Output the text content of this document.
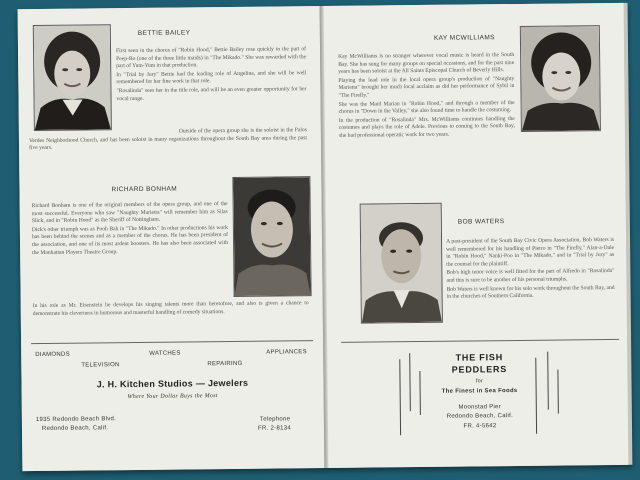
BETTIE BAILEY

First seen in the chorus of "Robin Hood," Bettie Bailey rose quickly to the part of Peep-Bo (one of the three little maids) in "The Mikado." She was rewarded with the part of Yum-Yum in that production.

In "Trial by Jury" Bettie had the leading role of Angelina, and she will be well remembered for her fine work in that role.

"Rosalinda" sees her in the title role, and will be an even greater opportunity for her vocal range.

Outside of the opera group she is the soloist in the Palos Verdes Neighborhood Church, and has been soloist in many organizations throughout the South Bay area during the past five years.

RICHARD BONHAM

Richard Bonham is one of the original members of the opera group, and one of the most successful. Everyone who saw "Naughty Marietta" will remember him as Silas Slick, and in "Robin Hood" as the Sheriff of Nottingham.

Dick's other triumph was as Pooh Bah in "The Mikado." In other productions his work has been behind the scenes and as a member of the chorus. He has been president of the association, and one of its most ardent boosters. He has also been associated with the Manhattan Players Theatre Group.

In his role as Mr. Eisenstein he develops his singing talents more than heretofore, and also is given a chance to demonstrate his cleverness in humorous and masterful handling of comedy situations.

DIAMONDS	WATCHES	APPLIANCES
TELEVISION	REPAIRING
J. H. Kitchen Studios — Jewelers
Where Your Dollar Buys the Most
1935 Redondo Beach Blvd.
Redondo Beach, Calif.
Telephone
FR. 2-8134
KAY MCWILLIAMS

Kay McWilliams is no stranger wherever vocal music is heard in the South Bay. She has sung for many groups on special occasions, and for the past nine years has been soloist at the All Saints Episcopal Church of Beverly Hills.

Playing the lead role in the local opera group's production of "Naughty Marietta" brought her much local acclaim as did her performance of Sybil in "The Firefly."

She was the Maid Marian in "Robin Hood," and through a member of the chorus in "Down in the Valley," she also found time to handle the costuming.

In the production of "Rosalinda" Mrs. McWilliams continues handling the costumes and plays the role of Adele. Previous to coming to the South Bay, she had professional operatic work for two years.

BOB WATERS

A past-president of the South Bay Civic Opera Association, Bob Waters is well remembered for his handling of Pietro in "The Firefly," Alan-a-Dale in "Robin Hood," Nanki-Poo in "The Mikado," and in "Trial by Jury" as the counsel for the plaintiff.

Bob's high tenor voice is well fitted for the part of Alfredo in "Rosalinda" and this is sure to be another of his personal triumphs.

Bob Waters is well known for his solo work throughout the South Bay, and in the churches of Southern California.

THE FISH
PEDDLERS
for
The Finest in Sea Foods
Moonstad Pier
Redondo Beach, Calif.
FR. 4-5642
